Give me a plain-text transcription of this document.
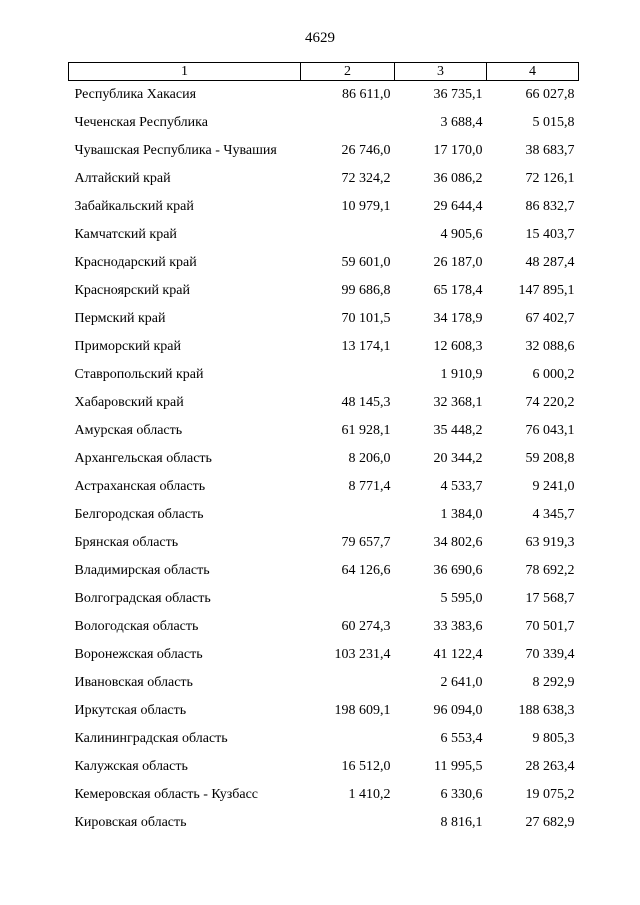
4629
1	2	3	4
Республика Хакасия	86 611,0	36 735,1	66 027,8
Чеченская Республика		3 688,4	5 015,8
Чувашская Республика - Чувашия	26 746,0	17 170,0	38 683,7
Алтайский край	72 324,2	36 086,2	72 126,1
Забайкальский край	10 979,1	29 644,4	86 832,7
Камчатский край		4 905,6	15 403,7
Краснодарский край	59 601,0	26 187,0	48 287,4
Красноярский край	99 686,8	65 178,4	147 895,1
Пермский край	70 101,5	34 178,9	67 402,7
Приморский край	13 174,1	12 608,3	32 088,6
Ставропольский край		1 910,9	6 000,2
Хабаровский край	48 145,3	32 368,1	74 220,2
Амурская область	61 928,1	35 448,2	76 043,1
Архангельская область	8 206,0	20 344,2	59 208,8
Астраханская область	8 771,4	4 533,7	9 241,0
Белгородская область		1 384,0	4 345,7
Брянская область	79 657,7	34 802,6	63 919,3
Владимирская область	64 126,6	36 690,6	78 692,2
Волгоградская область		5 595,0	17 568,7
Вологодская область	60 274,3	33 383,6	70 501,7
Воронежская область	103 231,4	41 122,4	70 339,4
Ивановская область		2 641,0	8 292,9
Иркутская область	198 609,1	96 094,0	188 638,3
Калининградская область		6 553,4	9 805,3
Калужская область	16 512,0	11 995,5	28 263,4
Кемеровская область - Кузбасс	1 410,2	6 330,6	19 075,2
Кировская область		8 816,1	27 682,9
